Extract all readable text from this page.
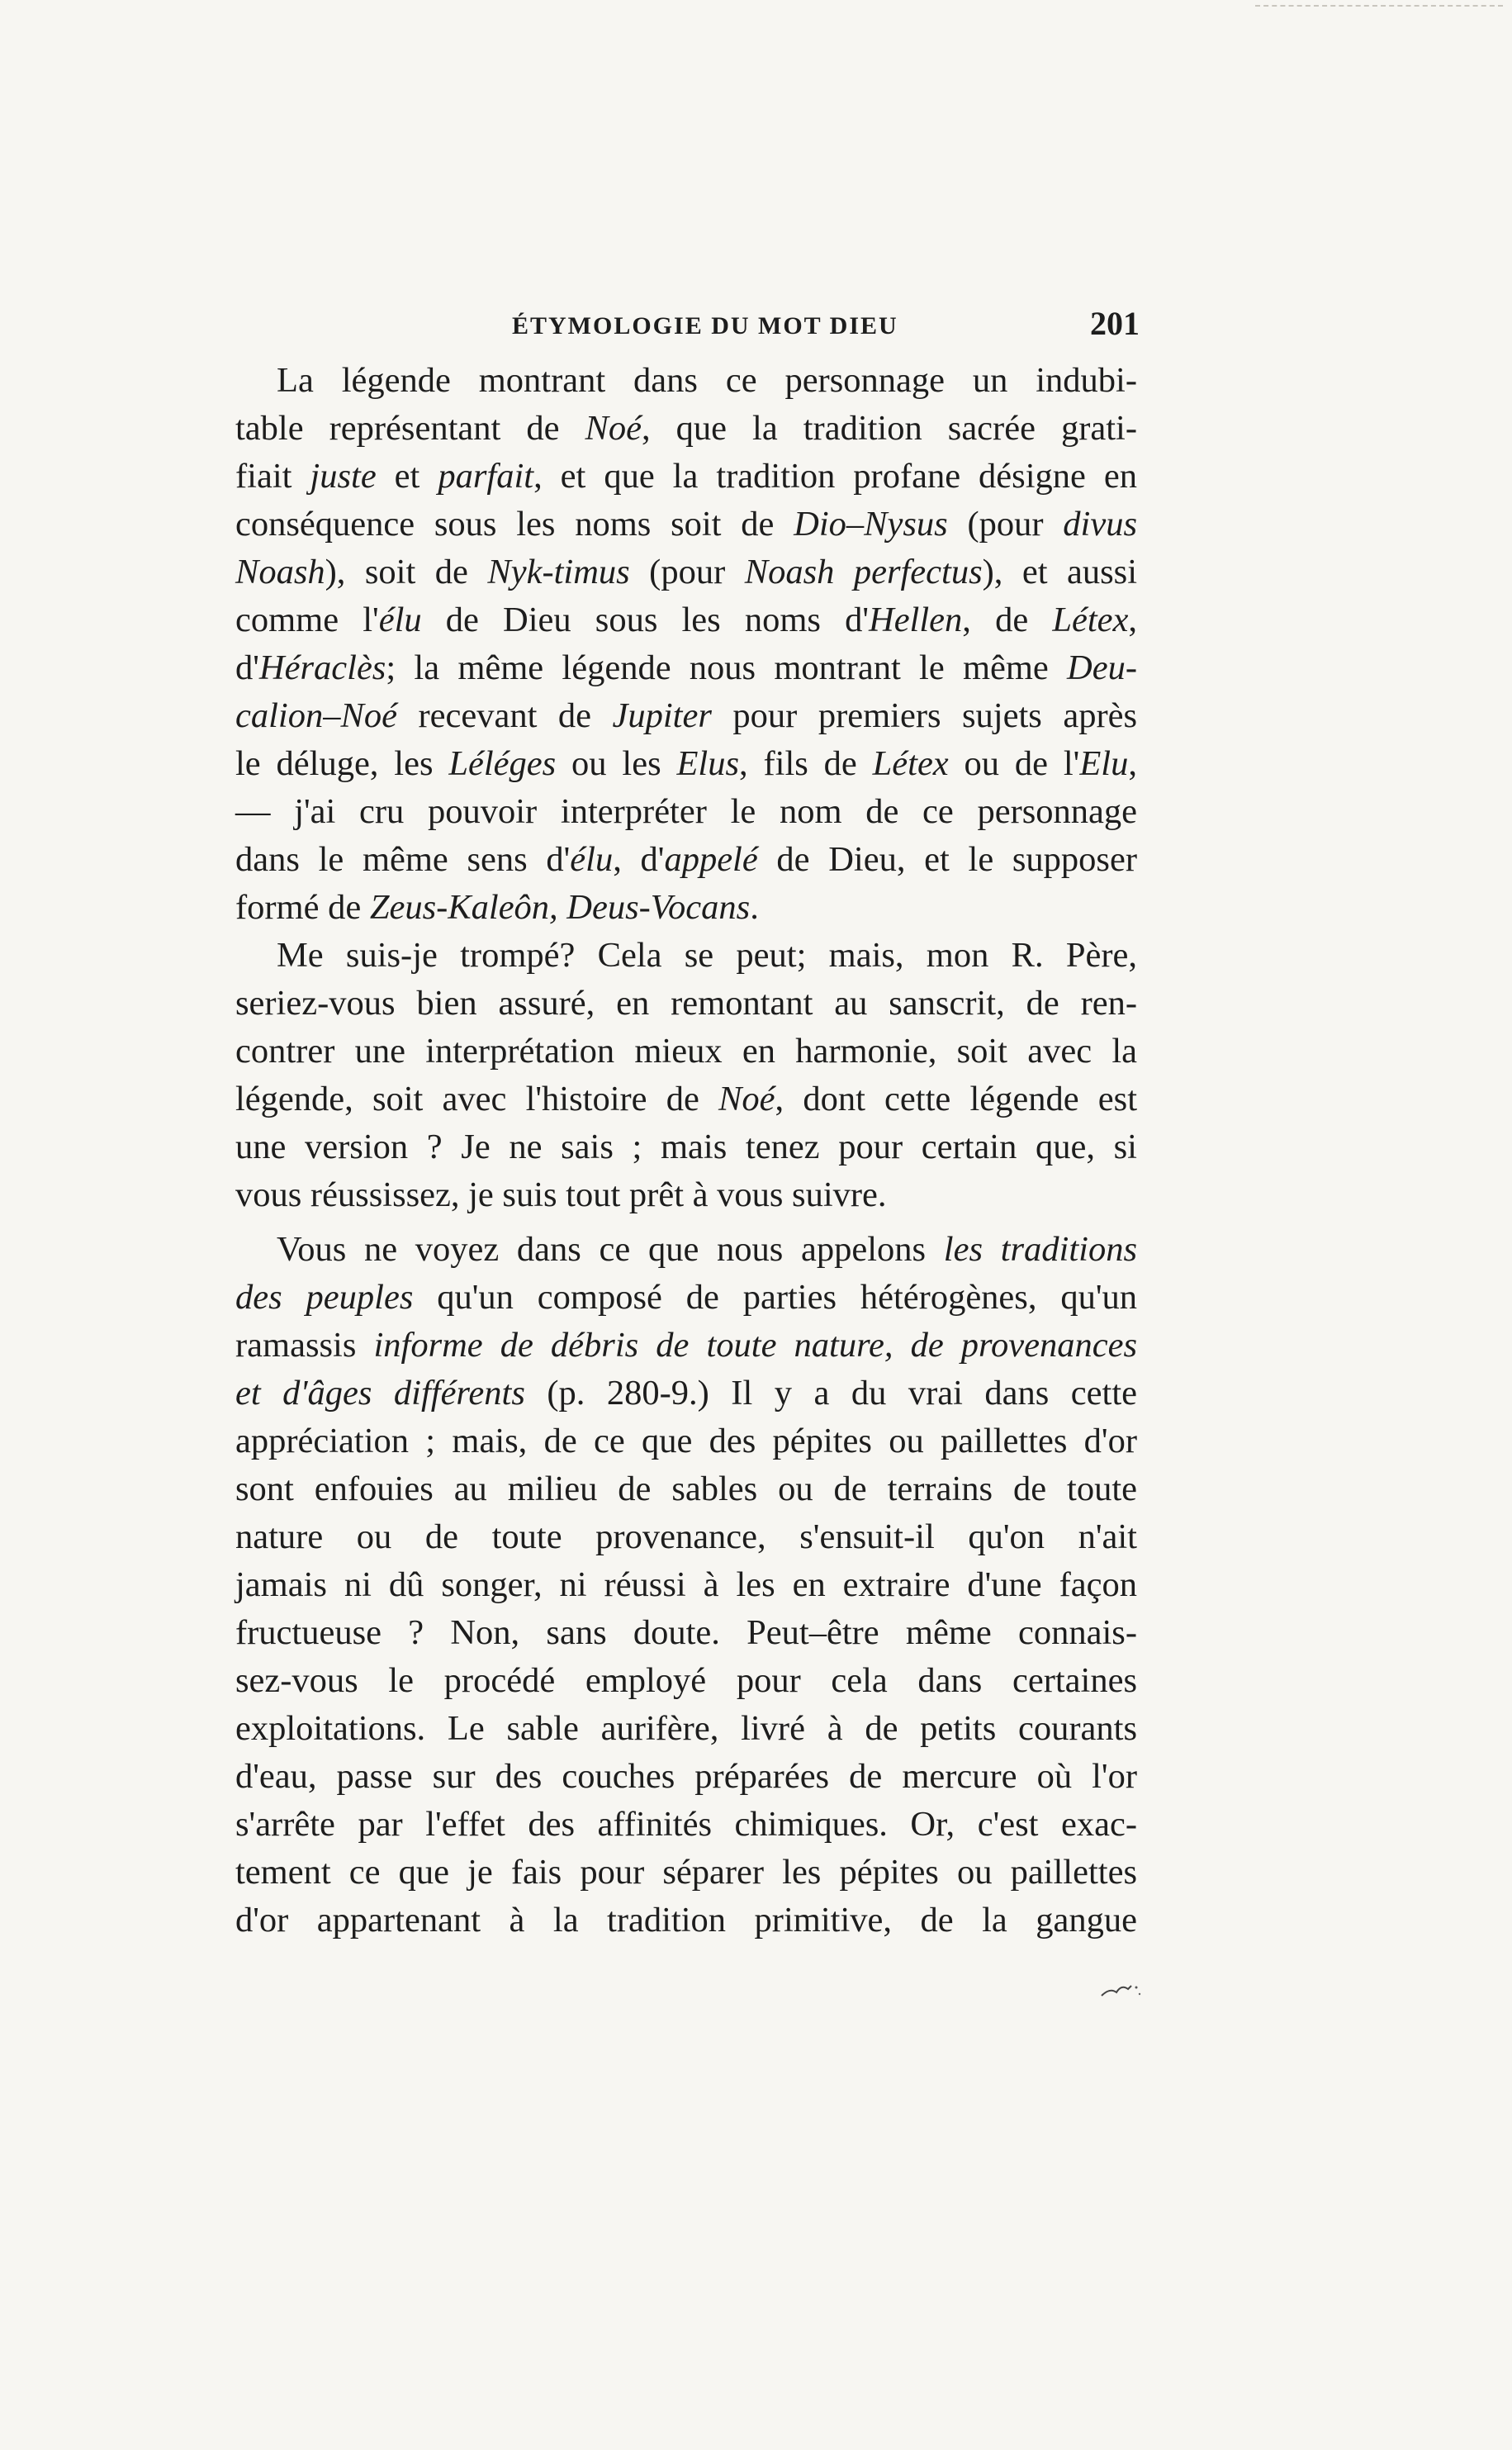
ÉTYMOLOGIE DU MOT DIEU	201
La légende montrant dans ce personnage un indubi-
table représentant de Noé, que la tradition sacrée grati-
fiait juste et parfait, et que la tradition profane désigne en
conséquence sous les noms soit de Dio–Nysus (pour divus
Noash), soit de Nyk-timus (pour Noash perfectus), et aussi
comme l'élu de Dieu sous les noms d'Hellen, de Létex,
d'Héraclès; la même légende nous montrant le même Deu-
calion–Noé recevant de Jupiter pour premiers sujets après
le déluge, les Léléges ou les Elus, fils de Létex ou de l'Elu,
— j'ai cru pouvoir interpréter le nom de ce personnage
dans le même sens d'élu, d'appelé de Dieu, et le supposer
formé de Zeus-Kaleôn, Deus-Vocans.
Me suis-je trompé? Cela se peut; mais, mon R. Père,
seriez-vous bien assuré, en remontant au sanscrit, de ren-
contrer une interprétation mieux en harmonie, soit avec la
légende, soit avec l'histoire de Noé, dont cette légende est
une version ? Je ne sais ; mais tenez pour certain que, si
vous réussissez, je suis tout prêt à vous suivre.
Vous ne voyez dans ce que nous appelons les traditions
des peuples qu'un composé de parties hétérogènes, qu'un
ramassis informe de débris de toute nature, de provenances
et d'âges différents (p. 280-9.) Il y a du vrai dans cette
appréciation ; mais, de ce que des pépites ou paillettes d'or
sont enfouies au milieu de sables ou de terrains de toute
nature ou de toute provenance, s'ensuit-il qu'on n'ait
jamais ni dû songer, ni réussi à les en extraire d'une façon
fructueuse ? Non, sans doute. Peut–être même connais-
sez-vous le procédé employé pour cela dans certaines
exploitations. Le sable aurifère, livré à de petits courants
d'eau, passe sur des couches préparées de mercure où l'or
s'arrête par l'effet des affinités chimiques. Or, c'est exac-
tement ce que je fais pour séparer les pépites ou paillettes
d'or appartenant à la tradition primitive, de la gangue
